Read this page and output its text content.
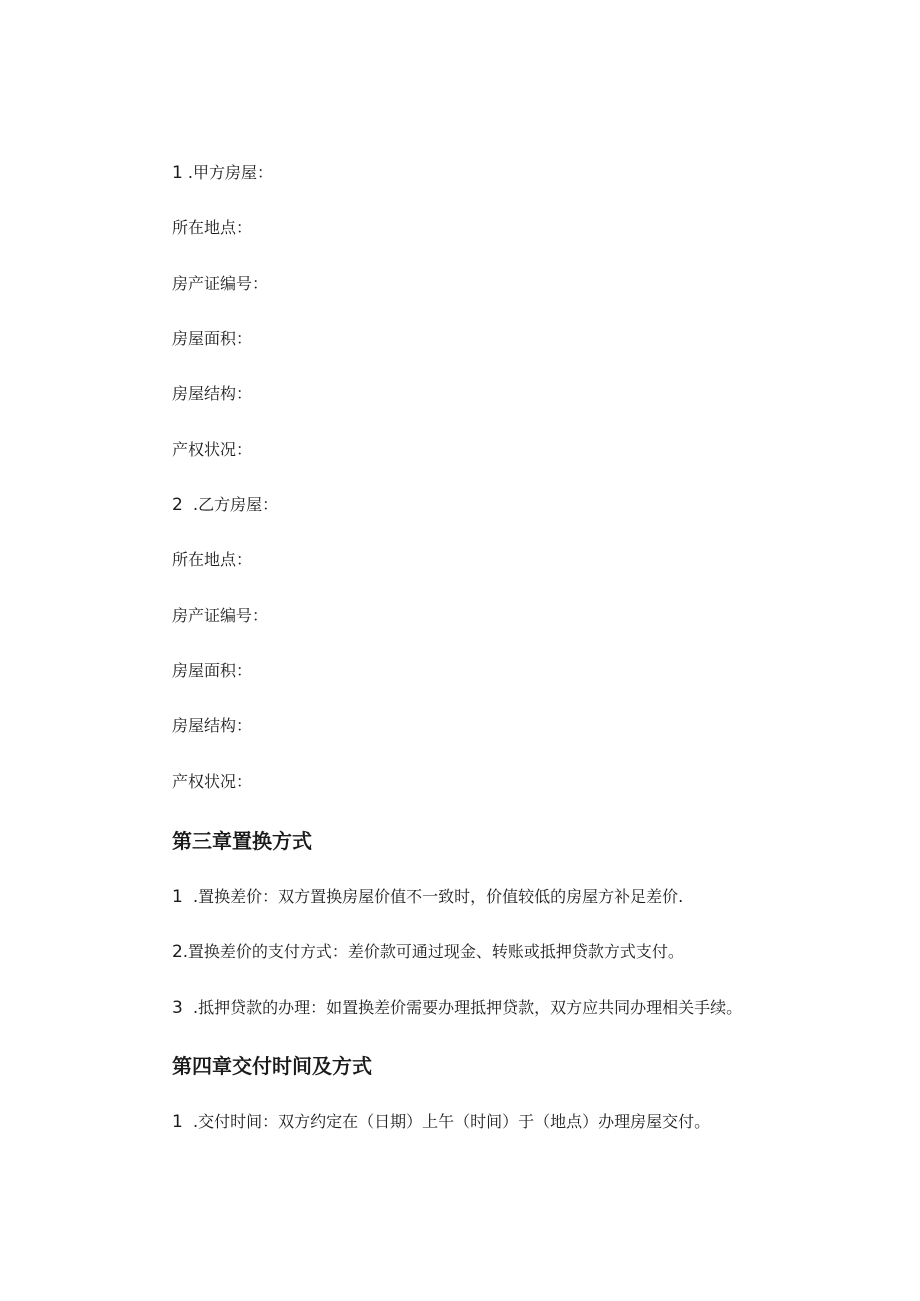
1 .甲方房屋：
所在地点：
房产证编号：
房屋面积：
房屋结构：
产权状况：
2 .乙方房屋：
所在地点：
房产证编号：
房屋面积：
房屋结构：
产权状况：
第三章置换方式
1 .置换差价：双方置换房屋价值不一致时，价值较低的房屋方补足差价.
2.置换差价的支付方式：差价款可通过现金、转账或抵押贷款方式支付。
3 .抵押贷款的办理：如置换差价需要办理抵押贷款，双方应共同办理相关手续。
第四章交付时间及方式
1 .交付时间：双方约定在（日期）上午（时间）于（地点）办理房屋交付。
